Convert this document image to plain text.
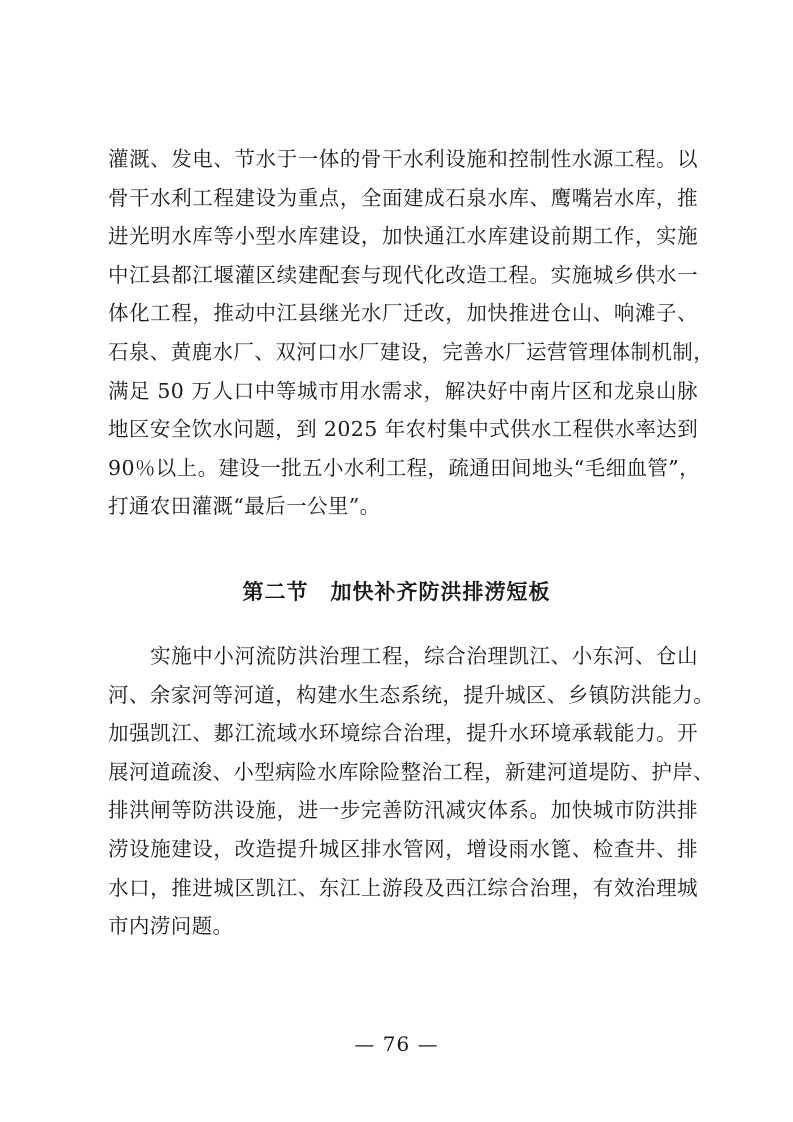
灌溉、发电、节水于一体的骨干水利设施和控制性水源工程。以
骨干水利工程建设为重点，全面建成石泉水库、鹰嘴岩水库，推
进光明水库等小型水库建设，加快通江水库建设前期工作，实施
中江县都江堰灌区续建配套与现代化改造工程。实施城乡供水一
体化工程，推动中江县继光水厂迁改，加快推进仓山、响滩子、
石泉、黄鹿水厂、双河口水厂建设，完善水厂运营管理体制机制，
满足 50 万人口中等城市用水需求，解决好中南片区和龙泉山脉
地区安全饮水问题，到 2025 年农村集中式供水工程供水率达到
90％以上。建设一批五小水利工程，疏通田间地头“毛细血管”，
打通农田灌溉“最后一公里”。
第二节　加快补齐防洪排涝短板
　　实施中小河流防洪治理工程，综合治理凯江、小东河、仓山
河、余家河等河道，构建水生态系统，提升城区、乡镇防洪能力。
加强凯江、郪江流域水环境综合治理，提升水环境承载能力。开
展河道疏浚、小型病险水库除险整治工程，新建河道堤防、护岸、
排洪闸等防洪设施，进一步完善防汛减灾体系。加快城市防洪排
涝设施建设，改造提升城区排水管网，增设雨水篦、检查井、排
水口，推进城区凯江、东江上游段及西江综合治理，有效治理城
市内涝问题。
— 76 —
